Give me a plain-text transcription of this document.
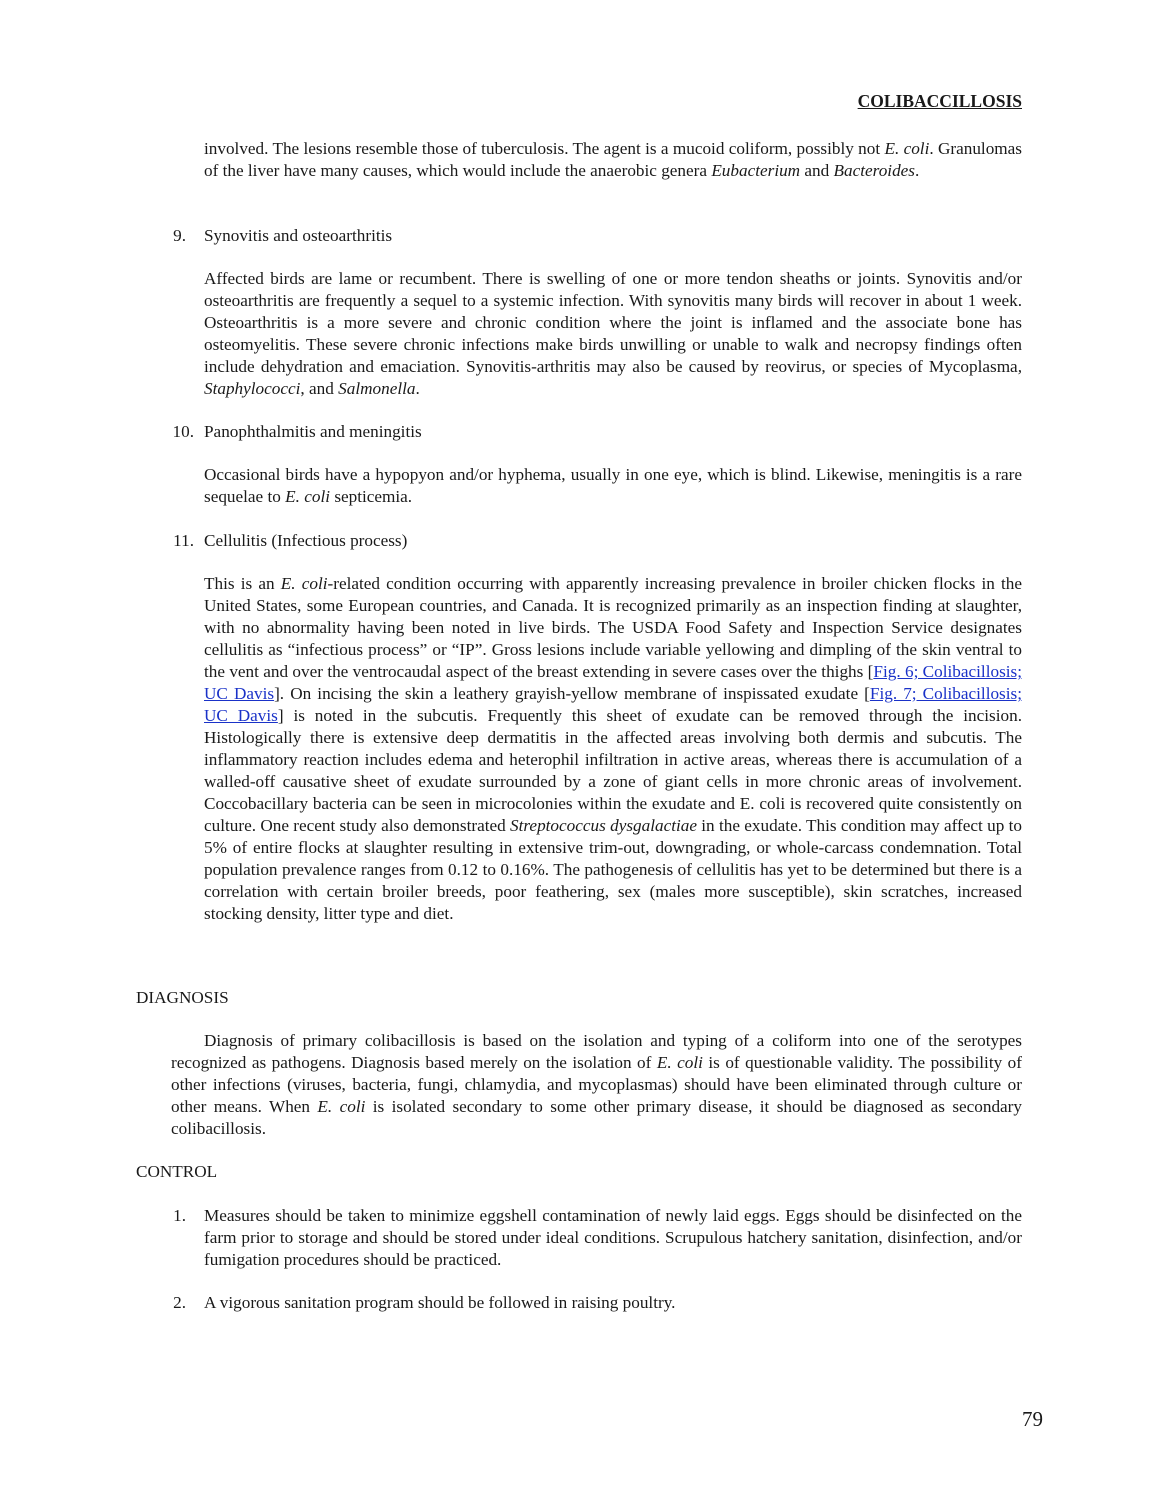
COLIBACCILLOSIS

involved. The lesions resemble those of tuberculosis. The agent is a mucoid coliform, possibly not E. coli. Granulomas of the liver have many causes, which would include the anaerobic genera Eubacterium and Bacteroides.

9. Synovitis and osteoarthritis

Affected birds are lame or recumbent. There is swelling of one or more tendon sheaths or joints. Synovitis and/or osteoarthritis are frequently a sequel to a systemic infection. With synovitis many birds will recover in about 1 week. Osteoarthritis is a more severe and chronic condition where the joint is inflamed and the associate bone has osteomyelitis. These severe chronic infections make birds unwilling or unable to walk and necropsy findings often include dehydration and emaciation. Synovitis-arthritis may also be caused by reovirus, or species of Mycoplasma, Staphylococci, and Salmonella.

10. Panophthalmitis and meningitis

Occasional birds have a hypopyon and/or hyphema, usually in one eye, which is blind. Likewise, meningitis is a rare sequelae to E. coli septicemia.

11. Cellulitis (Infectious process)

This is an E. coli-related condition occurring with apparently increasing prevalence in broiler chicken flocks in the United States, some European countries, and Canada. It is recognized primarily as an inspection finding at slaughter, with no abnormality having been noted in live birds. The USDA Food Safety and Inspection Service designates cellulitis as “infectious process” or “IP”. Gross lesions include variable yellowing and dimpling of the skin ventral to the vent and over the ventrocaudal aspect of the breast extending in severe cases over the thighs [Fig. 6; Colibacillosis; UC Davis]. On incising the skin a leathery grayish-yellow membrane of inspissated exudate [Fig. 7; Colibacillosis; UC Davis] is noted in the subcutis. Frequently this sheet of exudate can be removed through the incision. Histologically there is extensive deep dermatitis in the affected areas involving both dermis and subcutis. The inflammatory reaction includes edema and heterophil infiltration in active areas, whereas there is accumulation of a walled-off causative sheet of exudate surrounded by a zone of giant cells in more chronic areas of involvement. Coccobacillary bacteria can be seen in microcolonies within the exudate and E. coli is recovered quite consistently on culture. One recent study also demonstrated Streptococcus dysgalactiae in the exudate. This condition may affect up to 5% of entire flocks at slaughter resulting in extensive trim-out, downgrading, or whole-carcass condemnation. Total population prevalence ranges from 0.12 to 0.16%. The pathogenesis of cellulitis has yet to be determined but there is a correlation with certain broiler breeds, poor feathering, sex (males more susceptible), skin scratches, increased stocking density, litter type and diet.

DIAGNOSIS

Diagnosis of primary colibacillosis is based on the isolation and typing of a coliform into one of the serotypes recognized as pathogens. Diagnosis based merely on the isolation of E. coli is of questionable validity. The possibility of other infections (viruses, bacteria, fungi, chlamydia, and mycoplasmas) should have been eliminated through culture or other means. When E. coli is isolated secondary to some other primary disease, it should be diagnosed as secondary colibacillosis.

CONTROL
1. Measures should be taken to minimize eggshell contamination of newly laid eggs. Eggs should be disinfected on the farm prior to storage and should be stored under ideal conditions. Scrupulous hatchery sanitation, disinfection, and/or fumigation procedures should be practiced.

2. A vigorous sanitation program should be followed in raising poultry.

79
